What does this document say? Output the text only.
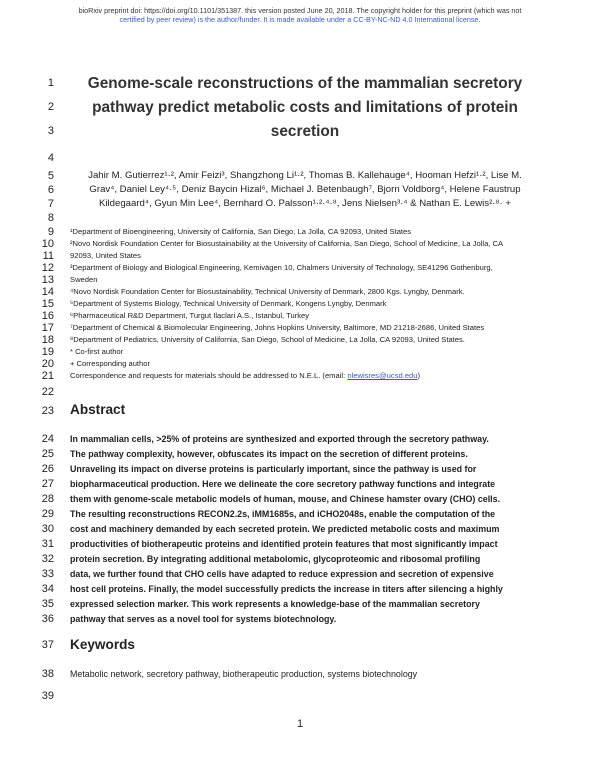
bioRxiv preprint doi: https://doi.org/10.1101/351387. this version posted June 20, 2018. The copyright holder for this preprint (which was not
certified by peer review) is the author/funder. It is made available under a CC-BY-NC-ND 4.0 International license.
1
2
3
4
5
6
7
8
9
10
11
12
13
14
15
16
17
18
19
20
21
22
23
24
25
26
27
28
29
30
31
32
33
34
35
36
37
38
39
Genome-scale reconstructions of the mammalian secretory
pathway predict metabolic costs and limitations of protein
secretion
Jahir M. Gutierrez¹·², Amir Feizi³, Shangzhong Li¹·², Thomas B. Kallehauge⁴, Hooman Hefzi¹·², Lise M.
Grav⁴, Daniel Ley⁴·⁵, Deniz Baycin Hizal⁶, Michael J. Betenbaugh⁷, Bjorn Voldborg⁴, Helene Faustrup
Kildegaard⁴, Gyun Min Lee⁴, Bernhard O. Palsson¹·²·⁴·⁸, Jens Nielsen³·⁴ & Nathan E. Lewis²·⁸· +
¹Department of Bioengineering, University of California, San Diego, La Jolla, CA 92093, United States
²Novo Nordisk Foundation Center for Biosustainability at the University of California, San Diego, School of Medicine, La Jolla, CA
92093, United States
³Department of Biology and Biological Engineering, Kemivägen 10, Chalmers University of Technology, SE41296 Gothenburg,
Sweden
⁴Novo Nordisk Foundation Center for Biosustainability, Technical University of Denmark, 2800 Kgs. Lyngby, Denmark.
⁵Department of Systems Biology, Technical University of Denmark, Kongens Lyngby, Denmark
⁶Pharmaceutical R&D Department, Turgut Ilaclari A.S., Istanbul, Turkey
⁷Department of Chemical & Biomolecular Engineering, Johns Hopkins University, Baltimore, MD 21218-2686, United States
⁸Department of Pediatrics, University of California, San Diego, School of Medicine, La Jolla, CA 92093, United States.
* Co-first author
+ Corresponding author
Correspondence and requests for materials should be addressed to N.E.L. (email: nlewisres@ucsd.edu)
Abstract
In mammalian cells, >25% of proteins are synthesized and exported through the secretory pathway.
The pathway complexity, however, obfuscates its impact on the secretion of different proteins.
Unraveling its impact on diverse proteins is particularly important, since the pathway is used for
biopharmaceutical production. Here we delineate the core secretory pathway functions and integrate
them with genome-scale metabolic models of human, mouse, and Chinese hamster ovary (CHO) cells.
The resulting reconstructions RECON2.2s, iMM1685s, and iCHO2048s, enable the computation of the
cost and machinery demanded by each secreted protein. We predicted metabolic costs and maximum
productivities of biotherapeutic proteins and identified protein features that most significantly impact
protein secretion. By integrating additional metabolomic, glycoproteomic and ribosomal profiling
data, we further found that CHO cells have adapted to reduce expression and secretion of expensive
host cell proteins. Finally, the model successfully predicts the increase in titers after silencing a highly
expressed selection marker. This work represents a knowledge-base of the mammalian secretory
pathway that serves as a novel tool for systems biotechnology.
Keywords
Metabolic network, secretory pathway, biotherapeutic production, systems biotechnology
1
